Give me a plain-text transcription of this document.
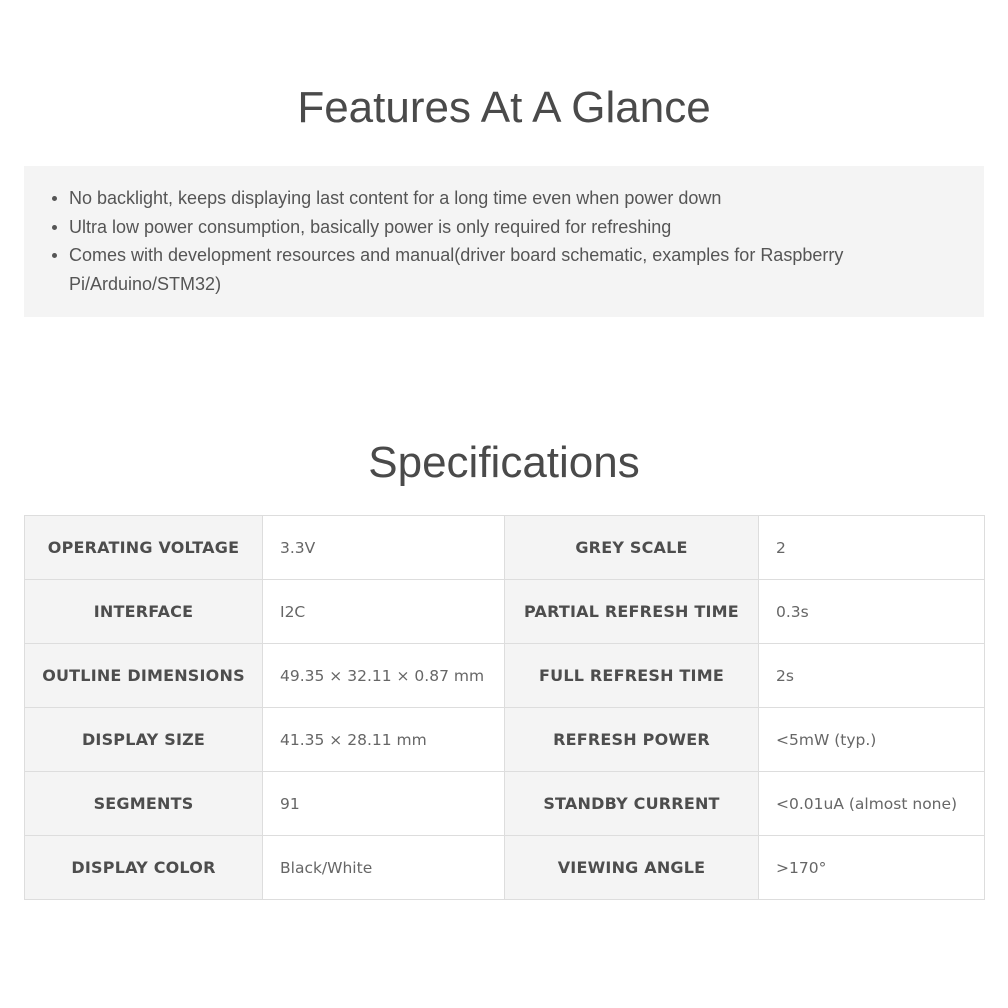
Features At A Glance
No backlight, keeps displaying last content for a long time even when power down
Ultra low power consumption, basically power is only required for refreshing
Comes with development resources and manual(driver board schematic, examples for Raspberry
Pi/Arduino/STM32)
Specifications
OPERATING VOLTAGE	3.3V	GREY SCALE	2
INTERFACE	I2C	PARTIAL REFRESH TIME	0.3s
OUTLINE DIMENSIONS	49.35 × 32.11 × 0.87 mm	FULL REFRESH TIME	2s
DISPLAY SIZE	41.35 × 28.11 mm	REFRESH POWER	<5mW (typ.)
SEGMENTS	91	STANDBY CURRENT	<0.01uA (almost none)
DISPLAY COLOR	Black/White	VIEWING ANGLE	>170°
